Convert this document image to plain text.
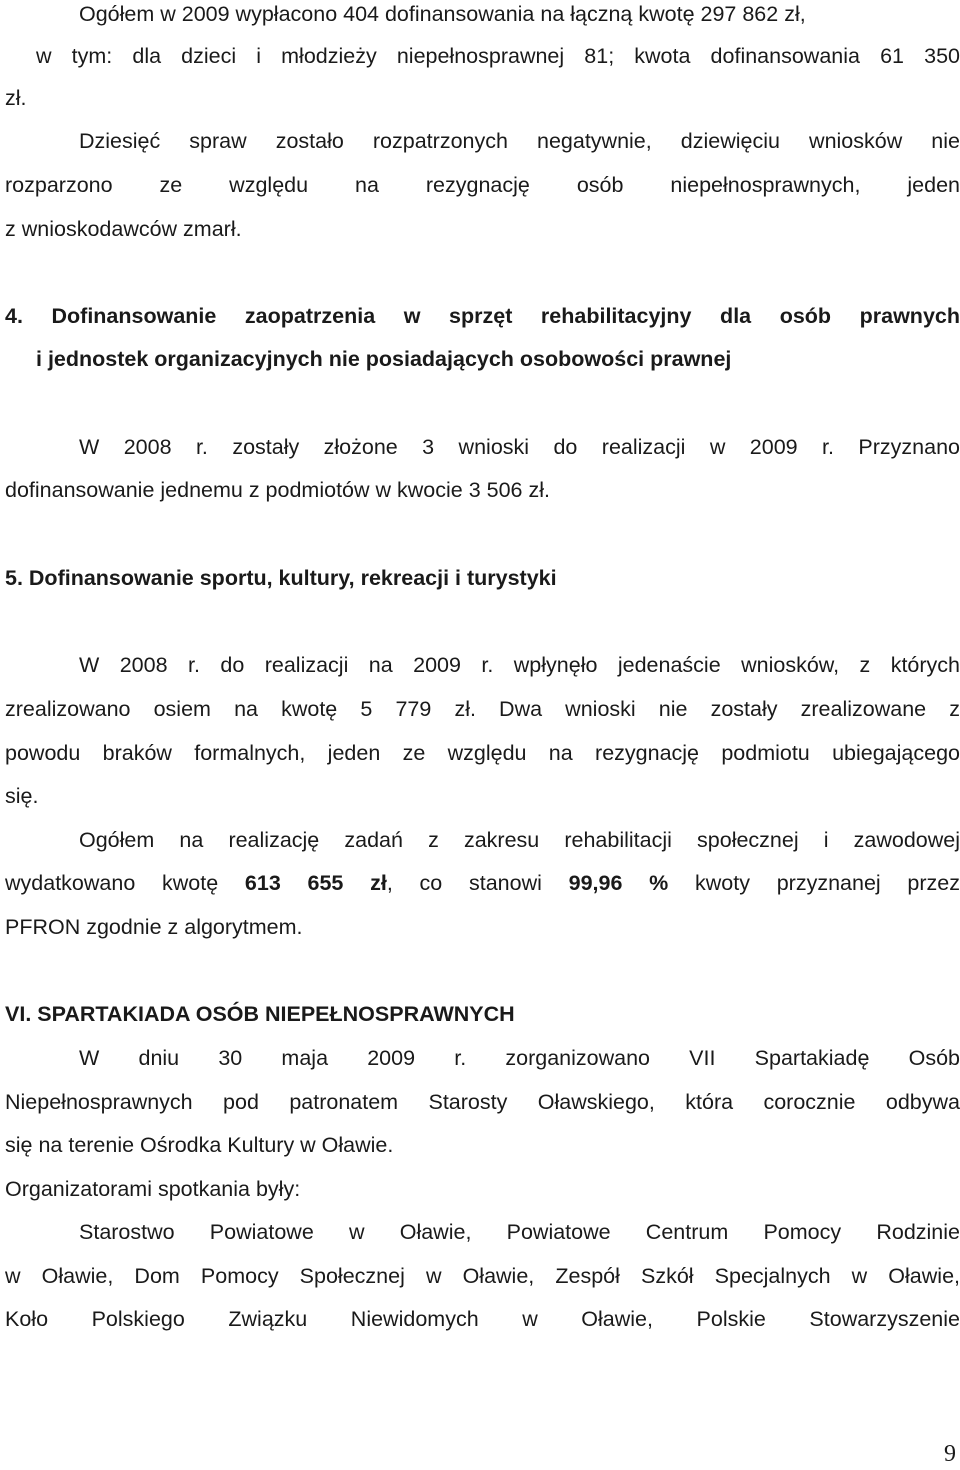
Ogółem w 2009 wypłacono 404 dofinansowania na łączną kwotę 297 862 zł,

w tym: dla dzieci i młodzieży niepełnosprawnej 81; kwota dofinansowania 61 350

zł.

Dziesięć spraw zostało rozpatrzonych negatywnie, dziewięciu wniosków nie

rozparzono ze względu na rezygnację osób niepełnosprawnych, jeden

z wnioskodawców zmarł.

4. Dofinansowanie zaopatrzenia w sprzęt rehabilitacyjny dla osób prawnych

i jednostek organizacyjnych nie posiadających osobowości prawnej

W 2008 r. zostały złożone 3 wnioski do realizacji w 2009 r. Przyznano

dofinansowanie jednemu z podmiotów w kwocie 3 506 zł.

5. Dofinansowanie sportu, kultury, rekreacji i turystyki

W 2008 r. do realizacji na 2009 r. wpłynęło jedenaście wniosków, z których

zrealizowano osiem na kwotę 5 779 zł. Dwa wnioski nie zostały zrealizowane z

powodu braków formalnych, jeden ze względu na rezygnację podmiotu ubiegającego

się.

Ogółem na realizację zadań z zakresu rehabilitacji społecznej i zawodowej

wydatkowano kwotę 613 655 zł, co stanowi 99,96 % kwoty przyznanej przez

PFRON zgodnie z algorytmem.

VI. SPARTAKIADA OSÓB NIEPEŁNOSPRAWNYCH

W dniu 30 maja 2009 r. zorganizowano VII Spartakiadę Osób

Niepełnosprawnych pod patronatem Starosty Oławskiego, która corocznie odbywa

się na terenie Ośrodka Kultury w Oławie.

Organizatorami spotkania były:

Starostwo Powiatowe w Oławie, Powiatowe Centrum Pomocy Rodzinie

w Oławie, Dom Pomocy Społecznej w Oławie, Zespół Szkół Specjalnych w Oławie,

Koło Polskiego Związku Niewidomych w Oławie, Polskie Stowarzyszenie

9
